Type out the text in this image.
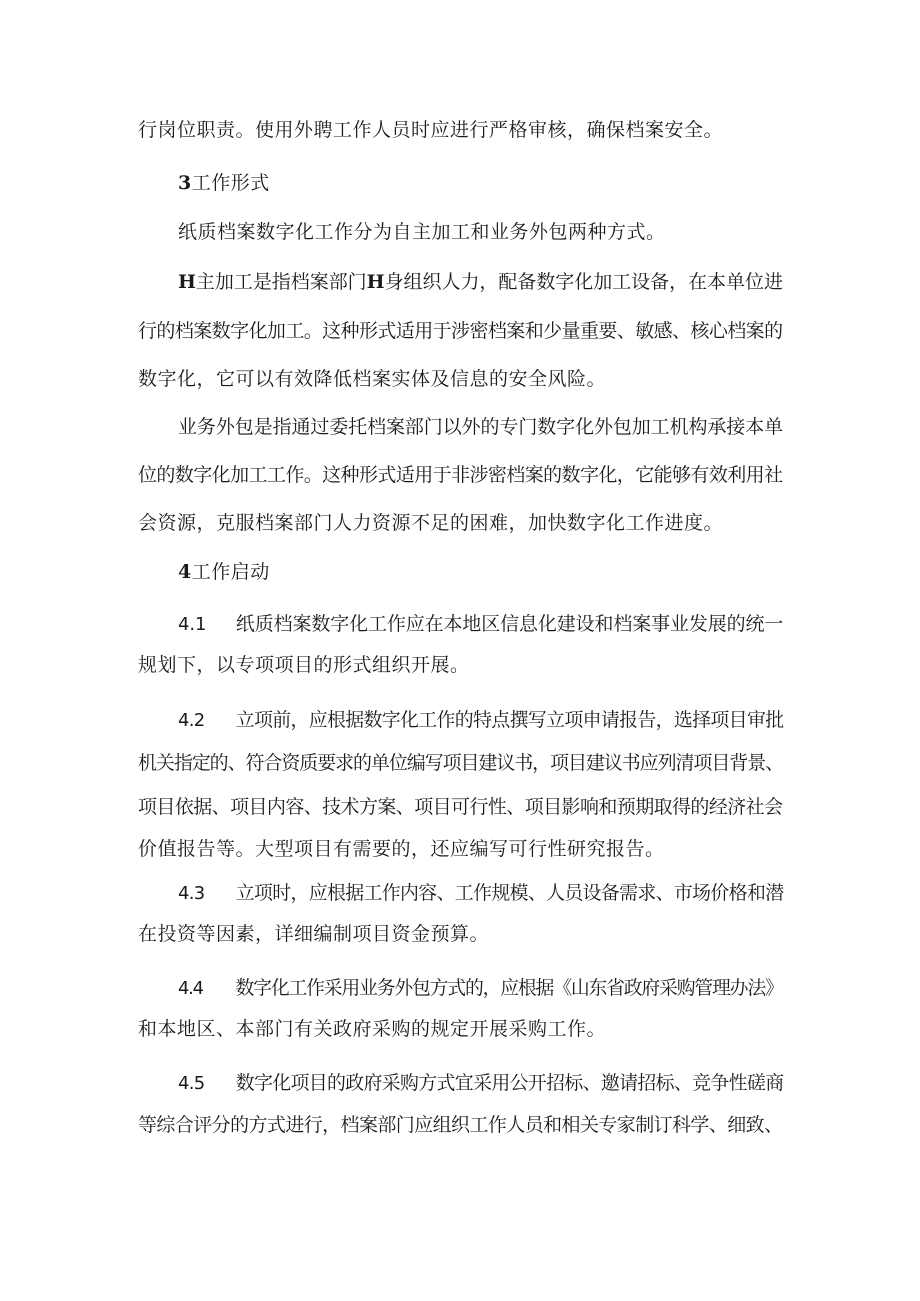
行岗位职责。使用外聘工作人员时应进行严格审核，确保档案安全。
3工作形式
纸质档案数字化工作分为自主加工和业务外包两种方式。
H主加工是指档案部门H身组织人力，配备数字化加工设备，在本单位进
行的档案数字化加工。这种形式适用于涉密档案和少量重要、敏感、核心档案的
数字化，它可以有效降低档案实体及信息的安全风险。
业务外包是指通过委托档案部门以外的专门数字化外包加工机构承接本单
位的数字化加工工作。这种形式适用于非涉密档案的数字化，它能够有效利用社
会资源，克服档案部门人力资源不足的困难，加快数字化工作进度。
4工作启动
4.1 纸质档案数字化工作应在本地区信息化建设和档案事业发展的统一
规划下，以专项项目的形式组织开展。
4.2 立项前，应根据数字化工作的特点撰写立项申请报告，选择项目审批
机关指定的、符合资质要求的单位编写项目建议书，项目建议书应列清项目背景、
项目依据、项目内容、技术方案、项目可行性、项目影响和预期取得的经济社会
价值报告等。大型项目有需要的，还应编写可行性研究报告。
4.3 立项时，应根据工作内容、工作规模、人员设备需求、市场价格和潜
在投资等因素，详细编制项目资金预算。
4.4 数字化工作采用业务外包方式的，应根据《山东省政府采购管理办法》
和本地区、本部门有关政府采购的规定开展采购工作。
4.5 数字化项目的政府采购方式宜采用公开招标、邀请招标、竞争性磋商
等综合评分的方式进行，档案部门应组织工作人员和相关专家制订科学、细致、
